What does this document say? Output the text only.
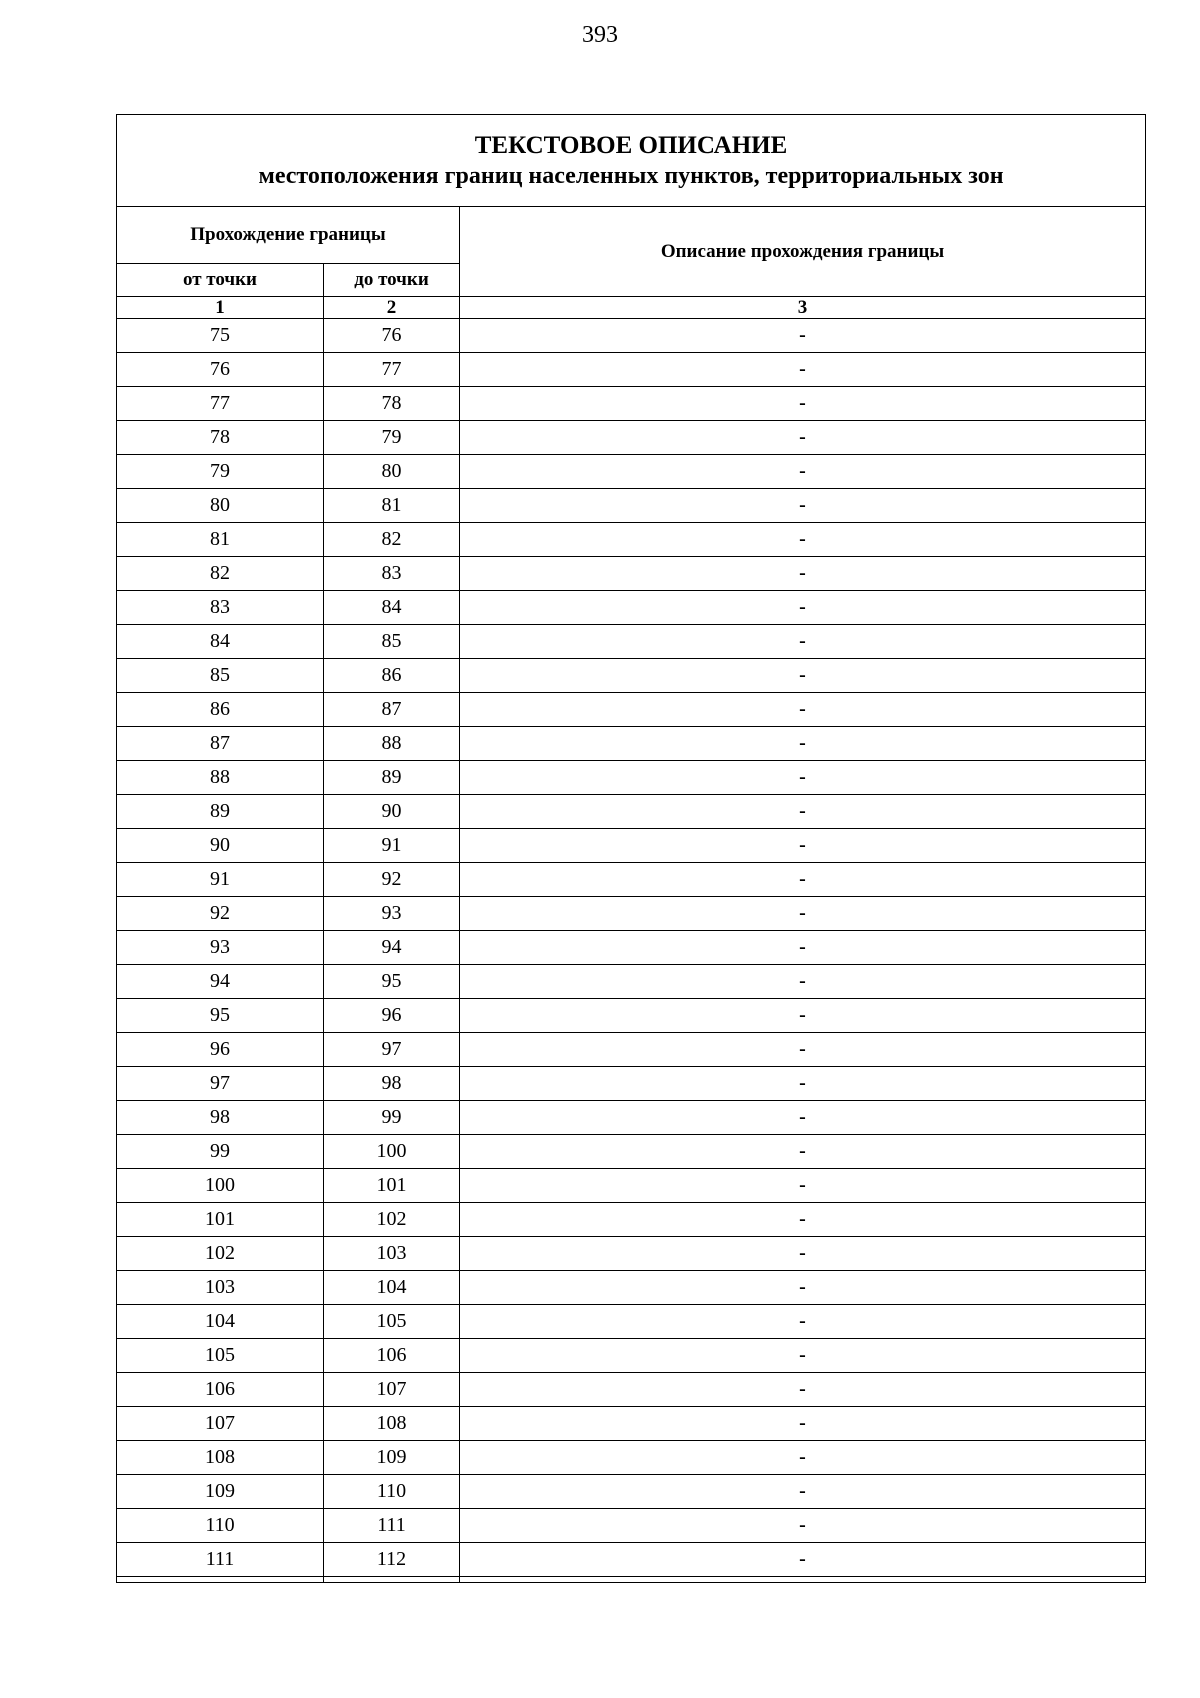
393
ТЕКСТОВОЕ ОПИСАНИЕ
местоположения границ населенных пунктов, территориальных зон		

Прохождение границы		Описание прохождения границы
от точки	до точки	
1	2	3
75	76	-
76	77	-
77	78	-
78	79	-
79	80	-
80	81	-
81	82	-
82	83	-
83	84	-
84	85	-
85	86	-
86	87	-
87	88	-
88	89	-
89	90	-
90	91	-
91	92	-
92	93	-
93	94	-
94	95	-
95	96	-
96	97	-
97	98	-
98	99	-
99	100	-
100	101	-
101	102	-
102	103	-
103	104	-
104	105	-
105	106	-
106	107	-
107	108	-
108	109	-
109	110	-
110	111	-
111	112	-
